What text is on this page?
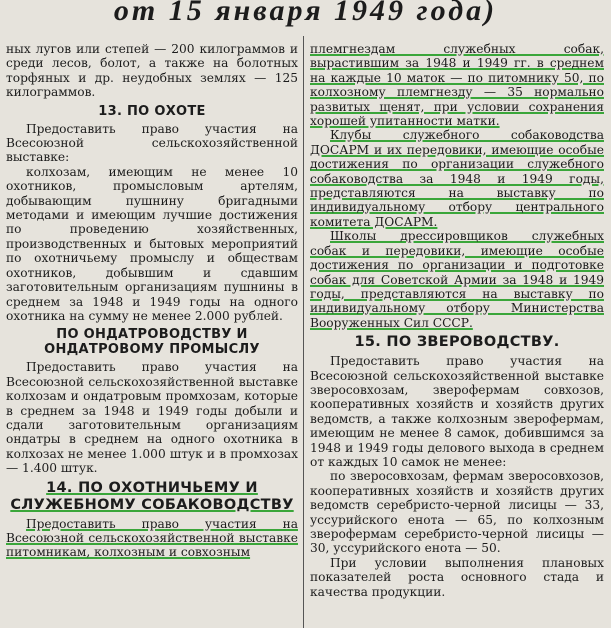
от 15 января 1949 года)

ных лугов или степей — 200 килограммов и среди лесов, болот, а также на болотных торфяных и др. неудобных землях — 125 килограммов.

13. ПО ОХОТЕ

Предоставить право участия на Всесоюзной сельскохозяйственной выставке:

колхозам, имеющим не менее 10 охотников, промысловым артелям, добывающим пушнину бригадными методами и имеющим лучшие достижения по проведению хозяйственных, производственных и бытовых мероприятий по охотничьему промыслу и обществам охотников, добывшим и сдавшим заготовительным организациям пушнины в среднем за 1948 и 1949 годы на одного охотника на сумму не менее 2.000 рублей.

ПО ОНДАТРОВОДСТВУ И ОНДАТРОВОМУ ПРОМЫСЛУ

Предоставить право участия на Всесоюзной сельскохозяйственной выставке колхозам и ондатровым промхозам, которые в среднем за 1948 и 1949 годы добыли и сдали заготовительным организациям ондатры в среднем на одного охотника в колхозах не менее 1.000 штук и в промхозах — 1.400 штук.

14. ПО ОХОТНИЧЬЕМУ И СЛУЖЕБНОМУ СОБАКОВОДСТВУ

Предоставить право участия на Всесоюзной сельскохозяйственной выставке питомникам, колхозным и совхозным

племгнездам служебных собак, вырастившим за 1948 и 1949 гг. в среднем на каждые 10 маток — по питомнику 50, по колхозному племгнезду — 35 нормально развитых щенят, при условии сохранения хорошей упитанности матки.

Клубы служебного собаководства ДОСАРМ и их передовики, имеющие особые достижения по организации служебного собаководства за 1948 и 1949 годы, представляются на выставку по индивидуальному отбору центрального комитета ДОСАРМ.

Школы дрессировщиков служебных собак и передовики, имеющие особые достижения по организации и подготовке собак для Советской Армии за 1948 и 1949 годы, представляются на выставку по индивидуальному отбору Министерства Вооруженных Сил СССР.

15. ПО ЗВЕРОВОДСТВУ.

Предоставить право участия на Всесоюзной сельскохозяйственной выставке зверосовхозам, зверофермам совхозов, кооперативных хозяйств и хозяйств других ведомств, а также колхозным зверофермам, имеющим не менее 8 самок, добившимся за 1948 и 1949 годы делового выхода в среднем от каждых 10 самок не менее:

по зверосовхозам, фермам зверосовхозов, кооперативных хозяйств и хозяйств других ведомств серебристо-черной лисицы — 33, уссурийского енота — 65, по колхозным зверофермам серебристо-черной лисицы — 30, уссурийского енота — 50.

При условии выполнения плановых показателей роста основного стада и качества продукции.
